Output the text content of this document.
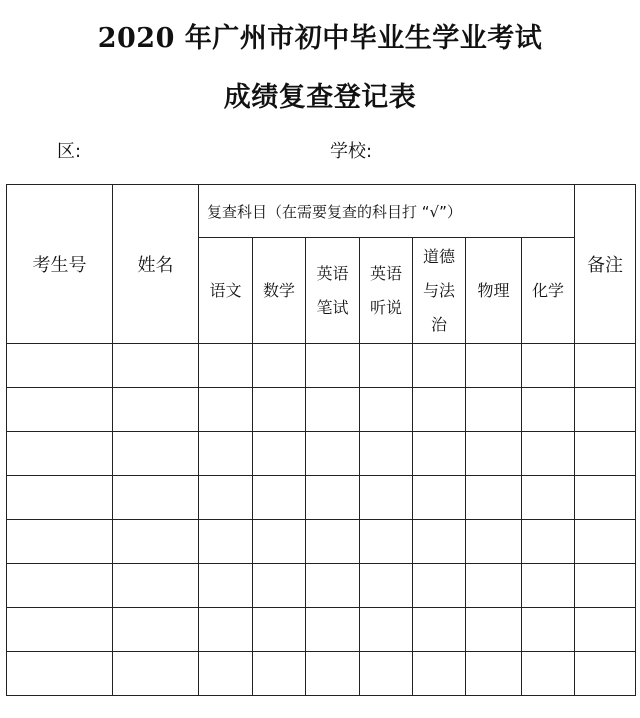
2020 年广州市初中毕业生学业考试
成绩复查登记表
区:	学校:
考生号	姓名	复查科目（在需要复查的科目打 “√”）							备注
		语文	数学	英语笔试	英语听说	道德与法治	物理	化学	
